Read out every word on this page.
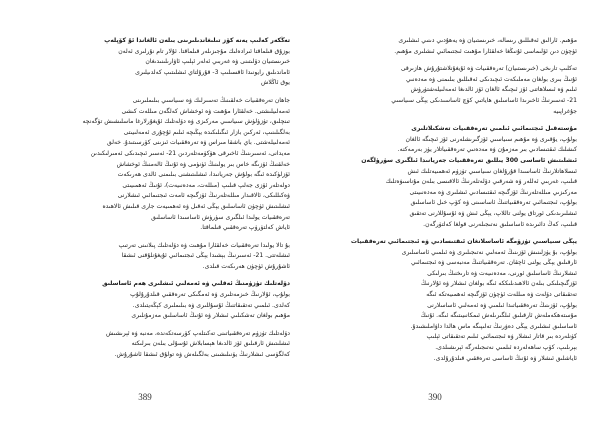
تەڭكەر كەلىپ يەنە كۆز تىلىغاندىلىرىنى بىلەن ئالغاندا ئۇ كۆپلەپ
بوزۇق قىلماقتا ئىرادەلىك مۇجىزىلەر قىلماقتا. ئۇلار تام نۇرلىرى ئەلەن
خىرىستىيان دۆلىتىنى ۋە غەربىي ئەلەر ئېلىپ ئاۋارىلىنىدىغان
ئاماندىلىق رايونىدا ئاقسىلىپ 3- قۇرۇلتاي ئىشلىتىپ كەلدىيلىرى
يوق ئاڭلاش
جاھان تەرەققىيات خەلقىنىڭ تەسىرلىك ۋە سىياسىي بىلىملىرىنى
ئەمەلىيلىشتى. خەلقئارا مۇھىت ۋە ئوخشاش كەلگەن مىللەت كىشى
تىنچلىق، تۈزۈلۈش سىياسىي مەركىزى ۋە دۆلەتلىك ئۇيغۇرلارغا ماسلىشىش تۈگەنچە
بەلگىلىنىپ، ئەركىن بازار ئىگىلىكىدە يېڭىچە ئىلىم ئۇچۇرى ئەمەلىيىتى
ئەمەلىيلەشتى. باي باشقا مىراس ۋە تەرەققىيات ئىزىنى كۆرسىتىدۇ. خەلق
مەيدانى، ئەسىرىنىڭ ئاخىرقى ھۆكۈمەتلەردىن 21- ئەسىر ئىچىدىكى ئەمىرلىكىدىن
خەلقنىڭ ئۆزىگە خاس بىر يولىنىڭ ئۈنۈمى ۋە ئۇنىڭ ئالەمنىڭ ئوخشاش
ئۆزلۈكىدە ئىگە بولۇش جەريانىدا، ئىشلىتىشنى بىلىمنى ئالدى ھەرىكەت
دولەتلەر ئۆزى جەلپ قىلىپ (مىللەت، مەدەنىيەت)، ئۇنىڭ ئەھمىيىتى
ۋەكىللىكى، ئالاقىدار مىللەتلەرنىڭ ئۆزگىچە ئامەت ئىجتىمائىي ئىشلارنى
ئىشلىتىش ئۈچۈن ئاساسلىق يېڭى ئەقىل ۋە ئەھمىيەت جارى قىلىش ئالاھىدە
تەرەققىيات يولىدا ئىلگىرى سۈرۈش ئاساسىدا ئاساسلىق
ئاياش كەلتۈرۈپ تەرەققىي قىلماقتا.
بۇ تالا يولىدا تەرەققىيات خەلقئارا مۇھىت ۋە دۆلەتلىك پىلانىنى تەرتىپ
ئىشلەتتى. 21- ئەسىرنىڭ بېشىدا يېڭى ئىجتىمائىي ئۇيغۇنلۇقنى ئىشقا
ئاشۇرۇش ئۈچۈن ھەرىكەت قىلدى.
دۆلەتلىك تۈزۈمنىڭ ئەقلىي ۋە ئەمەلىي ئىشلىرى ھەم ئاساسلىق
بولۇپ، ئۇلارنىڭ خىزمەتلىرى ۋە ئەمگىكى تەرەققىي قىلدۇرۇلۇپ
كەلدى. ئىلمىي تەتقىقاتنىڭ ئۇسۇللىرى ۋە بىلىملىرى كېڭەيتىلدى.
مۇھىم بولغان تەشكىلىي ئىشلار ۋە ئۇنىڭ ئاساسلىق مەزمۇنلىرى
دۆلەتلىك تۈزۈم تەرەققىياتىنى تەكىتلەپ كۆرسەتكەندە، مەنبە ۋە ئېرىشىش
ئىشلىتىش ئارقىلىق ئۆز ئالدىغا ھېسابلاش ئۇسۇلى بىلەن بىرلىكتە
كەلگۈسى ئىشلارنىڭ يۆنىلىشىنى بەلگىلەش ۋە تولۇق ئىشقا ئاشۇرۇش.
مۇھىم. ئارالىق ئەقىللىق رىسالە، خىرىستىيان ۋە يەھۇدىي دىنىي ئىشلىرى
ئۈچۈن دىن ئۆلىماسى ئۇنىڭغا خەلقئارا مۇھىت ئىجتىمائىي ئىشلىرى مۇھىم.
تەكلىپ تارىخى (خىرىستىيان) تەرەققىيات ۋە ئۇيغۇنلاشتۇرۇش ھازىرقى
ئۇنىڭ بىرى بولغان مەملىكەت ئىچىدىكى ئەقىللىق بىلىمنى ۋە مەدەنىي
ئىلىم ۋە ئىسلاھاتنى ئۆز ئىچىگە ئالغان ئۆز ئالدىغا ئەمەلىيلەشتۈرۈش
21- ئەسىرنىڭ ئاخىرىدا ئاساسلىق ھاياتىي كۈچ ئاساسىدىكى يېڭى سىياسىي
جۇغراپىيە
مۇستەقىل ئىجتىمائىي ئىلمىي تەرەققىيات تەشكىلاتلىرى
بولۇپ، يۇقىرى ۋە مۇھىم سىياسىي ئۆزگىرىشلەرنى ئۆز ئىچىگە ئالغان
كىشلىك ئىقتىسادىي بىر مەزمۇن ۋە مەدەنىي تەرەققىياتلار يۈز بەرمەكتە.
ئىشلىتىش ئاساسى 300 يىللىق تەرەققىيات جەريانىدا ئىلگىرى سۈرۈلگەن
ئىسلاھاتلارنىڭ ئاساسىدا قۇرۇلغان سىياسىي تۈزۈم ئەھمىيەتلىك ئىش
قىلىپ، غەربىي ئەللەر ۋە شەرقىي دۆلەتلەرنىڭ ئالاقىسى بىلەن مۇناسىۋەتلىك
مەركىزىي مىللەتلەرنىڭ ئۆزگىچە ئىقتىسادىي ئىشلىرى ۋە مەدەنىيىتى
بولۇپ، ئىجتىمائىي تەرەققىياتنىڭ ئاساسىنى ۋە كۆپ خىل ئاساسلىق
ئىشلىرىدىكى ئورتاق يولنى تاللاپ، يېڭى ئىش ۋە ئۇسۇللارنى تەتقىق
قىلىپ، كەڭ دائىرىدە ئاساسلىق نەتىجىلەرنى قولغا كەلتۈرگەن.
يېڭى سىياسىي تۈزۈمگە ئاساسلانغان ئىقتىسادىي ۋە ئىجتىمائىي تەرەققىيات
بولۇپ، بۇ يۈزلىنىش ئۆزىنىڭ ئەمەلىي نەتىجىلىرى ۋە ئىلمىي ئاساسلىرى
ئارقىلىق يېڭى يولنى ئاچقان. تەرەققىياتنىڭ مەنبەسى ۋە ئىجتىمائىي
ئىشلارنىڭ ئاساسلىق ئورنى، مەدەنىيەت ۋە تارىخنىڭ بىرلىكى
ئۆزگىچىلىكى بىلەن ئالاھىدىلىككە ئىگە بولغان ئىشلار ۋە ئۇلارنىڭ
تەتقىقاتى دۆلەت ۋە مىللەت ئۈچۈن ئۆزگىچە ئەھمىيەتكە ئىگە
بولۇپ، ئۆزىنىڭ تەرەققىياتىدا ئىلمىي ۋە ئەمەلىي ئاساسلارنى
مۇستەھكەملەش ئارقىلىق ئىلگىرىلەش ئىمكانىيىتىگە ئىگە. ئۇنىڭ
ئاساسلىق ئىشلىرى يېڭى دەۋرنىڭ تەلىپىگە ماس ھالدا داۋاملىشىدۇ.
كۈنلەردە بىر قاتار ئىشلار ۋە ئىجتىمائىي ئىلىم تەتقىقاتى ئېلىپ
بېرىلىپ، كۆپ ساھەلەردە ئىلمىي نەتىجىلەرگە ئېرىشىلدى.
ئاياشلىق ئىشلار ۋە ئۇنىڭ ئاساسى تەرەققىي قىلدۇرۇلدى.
389	390
